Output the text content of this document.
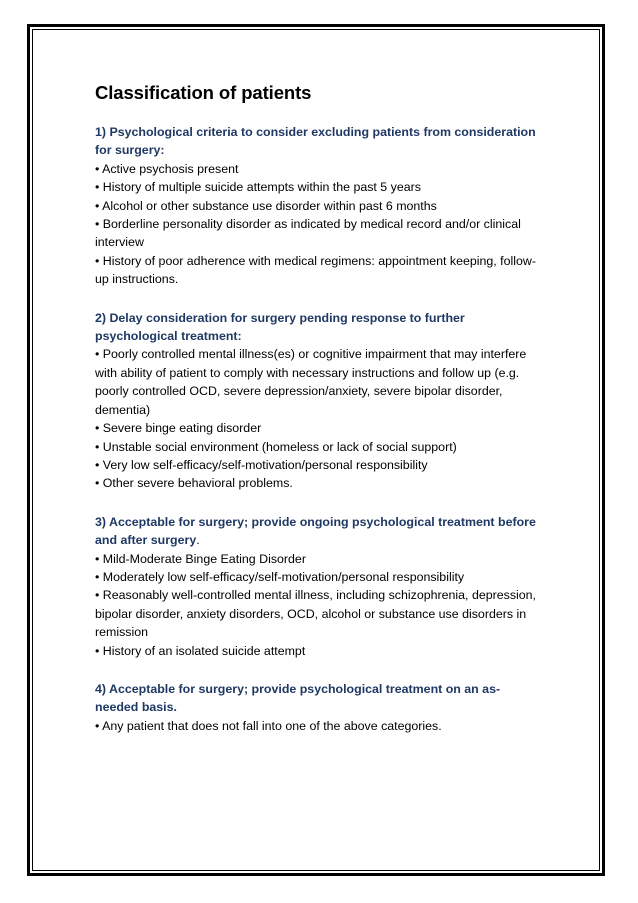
Classification of patients

1) Psychological criteria to consider excluding patients from consideration for surgery:

• Active psychosis present
• History of multiple suicide attempts within the past 5 years
• Alcohol or other substance use disorder within past 6 months
• Borderline personality disorder as indicated by medical record and/or clinical interview
• History of poor adherence with medical regimens: appointment keeping, follow-up instructions.

2) Delay consideration for surgery pending response to further psychological treatment:

• Poorly controlled mental illness(es) or cognitive impairment that may interfere with ability of patient to comply with necessary instructions and follow up (e.g. poorly controlled OCD, severe depression/anxiety, severe bipolar disorder, dementia)
• Severe binge eating disorder
• Unstable social environment (homeless or lack of social support)
• Very low self-efficacy/self-motivation/personal responsibility
• Other severe behavioral problems.

3) Acceptable for surgery; provide ongoing psychological treatment before and after surgery.

• Mild-Moderate Binge Eating Disorder
• Moderately low self-efficacy/self-motivation/personal responsibility
• Reasonably well-controlled mental illness, including schizophrenia, depression, bipolar disorder, anxiety disorders, OCD, alcohol or substance use disorders in remission
• History of an isolated suicide attempt

4) Acceptable for surgery; provide psychological treatment on an as-needed basis.

• Any patient that does not fall into one of the above categories.
